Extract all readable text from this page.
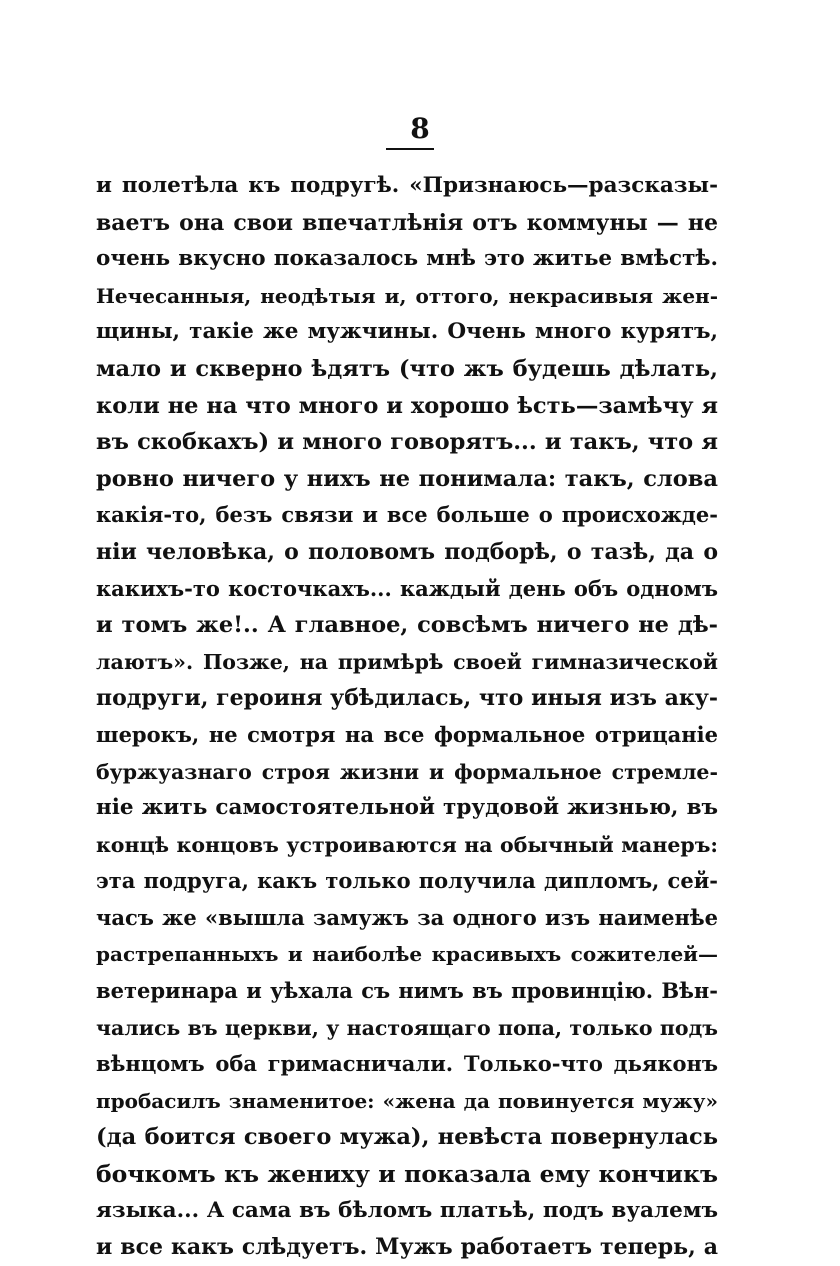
8
и полетѣла къ подругѣ. «Признаюсь—разсказы-
ваетъ она свои впечатлѣнія отъ коммуны — не
очень вкусно показалось мнѣ это житье вмѣстѣ.
Нечесанныя, неодѣтыя и, оттого, некрасивыя жен-
щины, такіе же мужчины. Очень много курятъ,
мало и скверно ѣдятъ (что жъ будешь дѣлать,
коли не на что много и хорошо ѣсть—замѣчу я
въ скобкахъ) и много говорятъ... и такъ, что я
ровно ничего у нихъ не понимала: такъ, слова
какія-то, безъ связи и все больше о происхожде-
ніи человѣка, о половомъ подборѣ, о тазѣ, да о
какихъ-то косточкахъ... каждый день объ одномъ
и томъ же!.. А главное, совсѣмъ ничего не дѣ-
лаютъ». Позже, на примѣрѣ своей гимназической
подруги, героиня убѣдилась, что иныя изъ аку-
шерокъ, не смотря на все формальное отрицаніе
буржуазнаго строя жизни и формальное стремле-
ніе жить самостоятельной трудовой жизнью, въ
концѣ концовъ устроиваются на обычный манеръ:
эта подруга, какъ только получила дипломъ, сей-
часъ же «вышла замужъ за одного изъ наименѣе
растрепанныхъ и наиболѣе красивыхъ сожителей—
ветеринара и уѣхала съ нимъ въ провинцію. Вѣн-
чались въ церкви, у настоящаго попа, только подъ
вѣнцомъ оба гримасничали. Только-что дьяконъ
пробасилъ знаменитое: «жена да повинуется мужу»
(да боится своего мужа), невѣста повернулась
бочкомъ къ жениху и показала ему кончикъ
языка... А сама въ бѣломъ платьѣ, подъ вуалемъ
и все какъ слѣдуетъ. Мужъ работаетъ теперь, а
